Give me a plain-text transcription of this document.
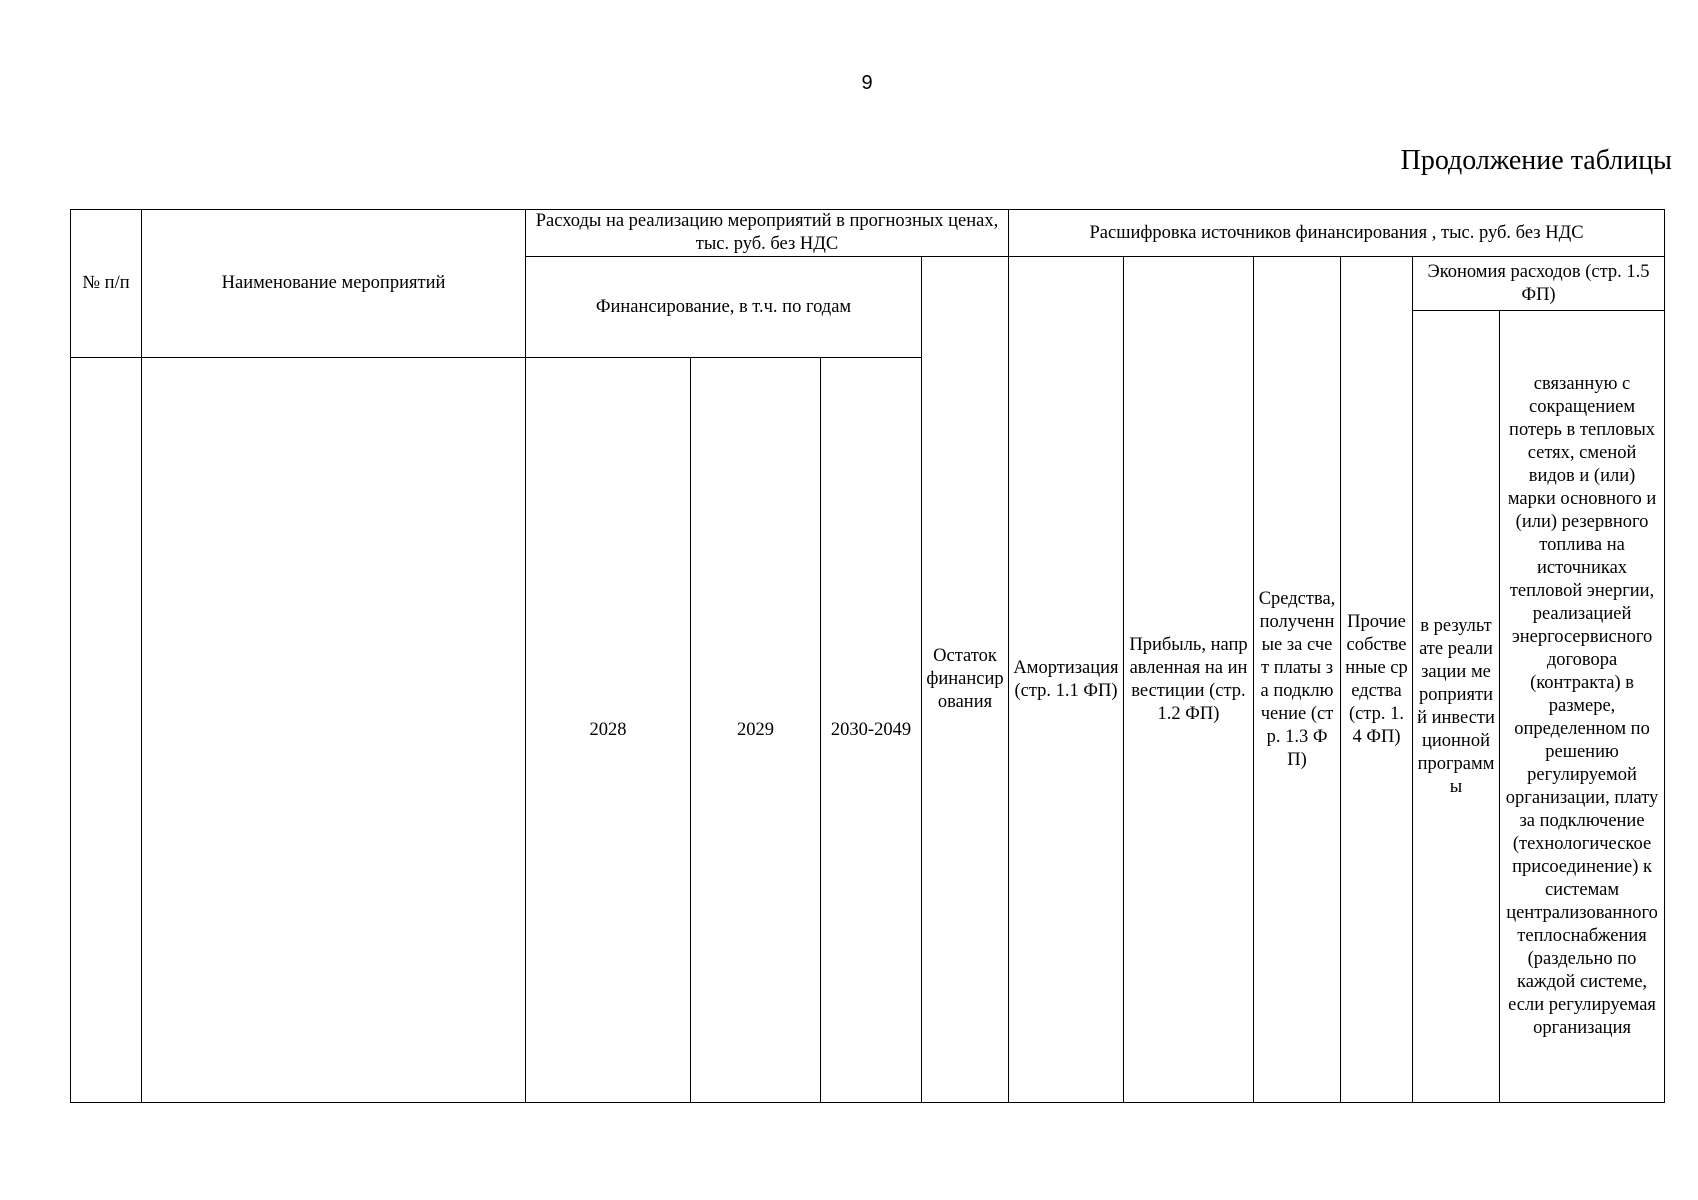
9
Продолжение таблицы
№ п/п	Наименование мероприятий	Расходы на реализацию мероприятий в прогнозных ценах, тыс. руб. без НДС				Расшифровка источников финансирования , тыс. руб. без НДС					
		Финансирование, в т.ч. по годам			Остаток финансирования	Амортизация (стр. 1.1 ФП)	Прибыль, направленная на инвестиции (стр. 1.2 ФП)	Средства, полученные за счет платы за подключение (стр. 1.3 ФП)	Прочие собственные средства (стр. 1.4 ФП)	Экономия расходов (стр. 1.5 ФП)	
										в результате реализации мероприятий инвестиционной программы	связанную с сокращением потерь в тепловых сетях, сменой видов и (или) марки основного и (или) резервного топлива на источниках тепловой энергии, реализацией энергосервисного договора (контракта) в размере, определенном по решению регулируемой организации, плату за подключение (технологическое присоединение) к системам централизованного теплоснабжения (раздельно по каждой системе, если регулируемая организация
		2028	2029	2030-2049							
